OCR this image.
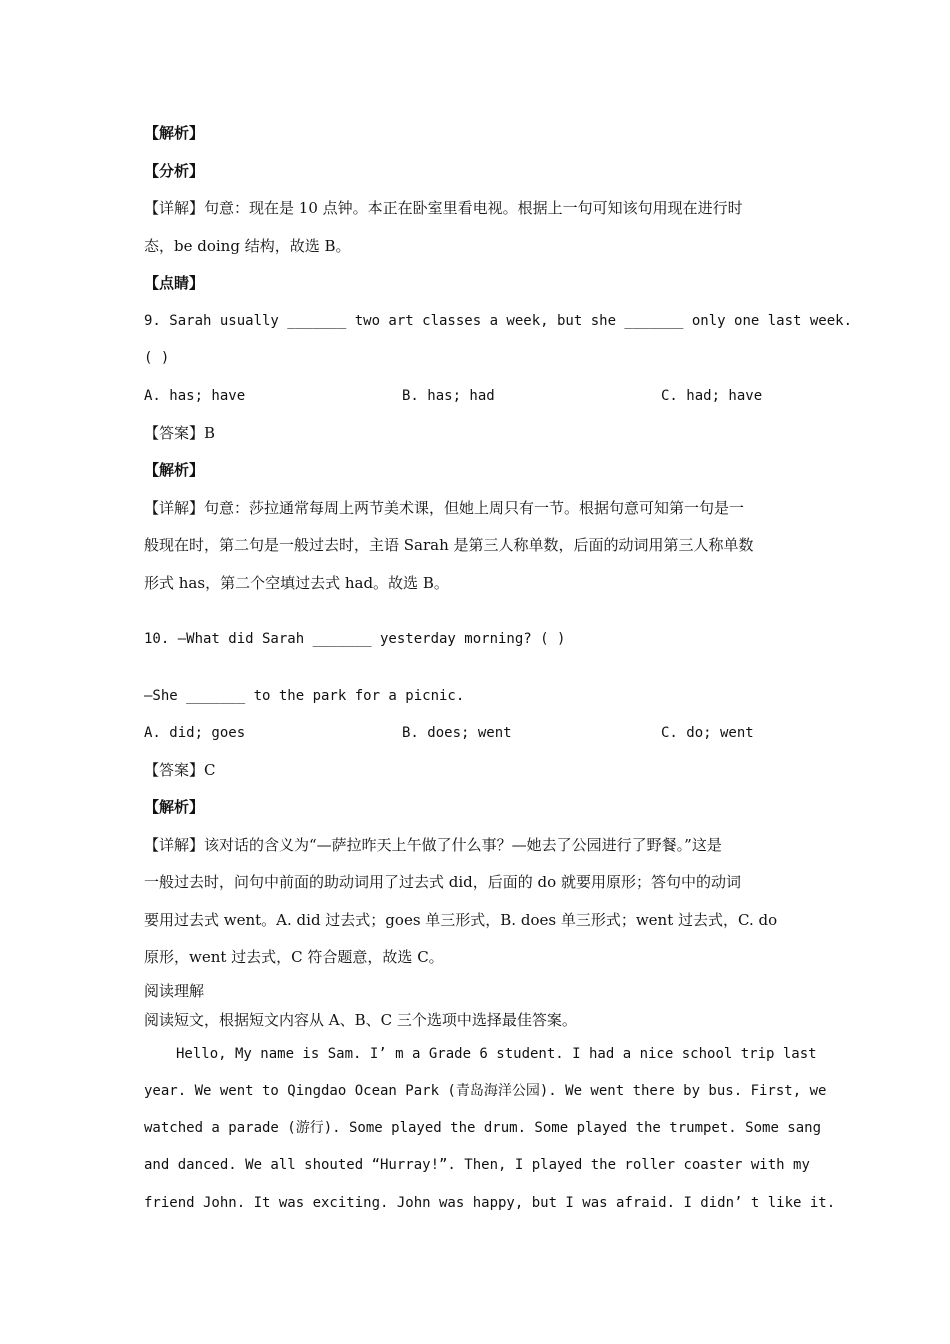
【解析】
【分析】
【详解】句意：现在是 10 点钟。本正在卧室里看电视。根据上一句可知该句用现在进行时
态，be doing 结构，故选 B。
【点睛】
9. Sarah usually _______ two art classes a week, but she _______ only one last week.
( )
A. has; have	B. has; had	C. had; have
【答案】B
【解析】
【详解】句意：莎拉通常每周上两节美术课，但她上周只有一节。根据句意可知第一句是一
般现在时，第二句是一般过去时，主语 Sarah 是第三人称单数，后面的动词用第三人称单数
形式 has，第二个空填过去式 had。故选 B。
10. —What did Sarah _______ yesterday morning? ( )
—She _______ to the park for a picnic.
A. did; goes	B. does; went	C. do; went
【答案】C
【解析】
【详解】该对话的含义为“—萨拉昨天上午做了什么事？—她去了公园进行了野餐。”这是
一般过去时，问句中前面的助动词用了过去式 did，后面的 do 就要用原形；答句中的动词
要用过去式 went。A. did 过去式；goes 单三形式，B. does 单三形式；went 过去式，C. do
原形，went 过去式，C 符合题意，故选 C。
阅读理解
阅读短文，根据短文内容从 A、B、C 三个选项中选择最佳答案。
Hello, My name is Sam. I’ m a Grade 6 student. I had a nice school trip last
year. We went to Qingdao Ocean Park (青岛海洋公园). We went there by bus. First, we
watched a parade (游行). Some played the drum. Some played the trumpet. Some sang
and danced. We all shouted “Hurray!”. Then, I played the roller coaster with my
friend John. It was exciting. John was happy, but I was afraid. I didn’ t like it.
